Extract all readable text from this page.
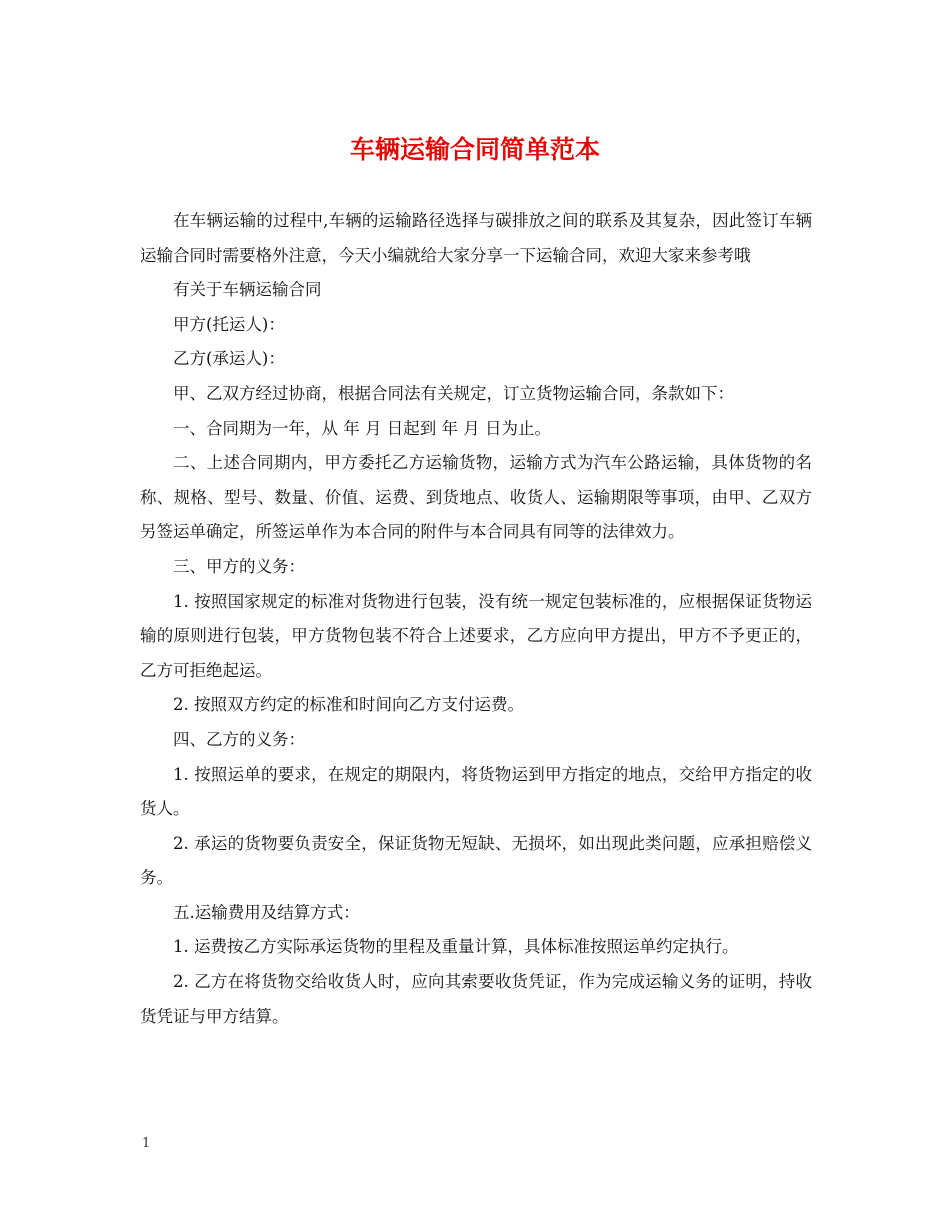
车辆运输合同简单范本

在车辆运输的过程中,车辆的运输路径选择与碳排放之间的联系及其复杂，因此签订车辆运输合同时需要格外注意，今天小编就给大家分享一下运输合同，欢迎大家来参考哦

有关于车辆运输合同

甲方(托运人)：

乙方(承运人)：

甲、乙双方经过协商，根据合同法有关规定，订立货物运输合同，条款如下：

一、合同期为一年，从 年 月 日起到 年 月 日为止。

二、上述合同期内，甲方委托乙方运输货物，运输方式为汽车公路运输，具体货物的名称、规格、型号、数量、价值、运费、到货地点、收货人、运输期限等事项，由甲、乙双方另签运单确定，所签运单作为本合同的附件与本合同具有同等的法律效力。

三、甲方的义务：

1. 按照国家规定的标准对货物进行包装，没有统一规定包装标准的，应根据保证货物运输的原则进行包装，甲方货物包装不符合上述要求，乙方应向甲方提出，甲方不予更正的，乙方可拒绝起运。

2. 按照双方约定的标准和时间向乙方支付运费。

四、乙方的义务：

1. 按照运单的要求，在规定的期限内，将货物运到甲方指定的地点，交给甲方指定的收货人。

2. 承运的货物要负责安全，保证货物无短缺、无损坏，如出现此类问题，应承担赔偿义务。

五.运输费用及结算方式：

1. 运费按乙方实际承运货物的里程及重量计算，具体标准按照运单约定执行。

2. 乙方在将货物交给收货人时，应向其索要收货凭证，作为完成运输义务的证明，持收货凭证与甲方结算。

1
